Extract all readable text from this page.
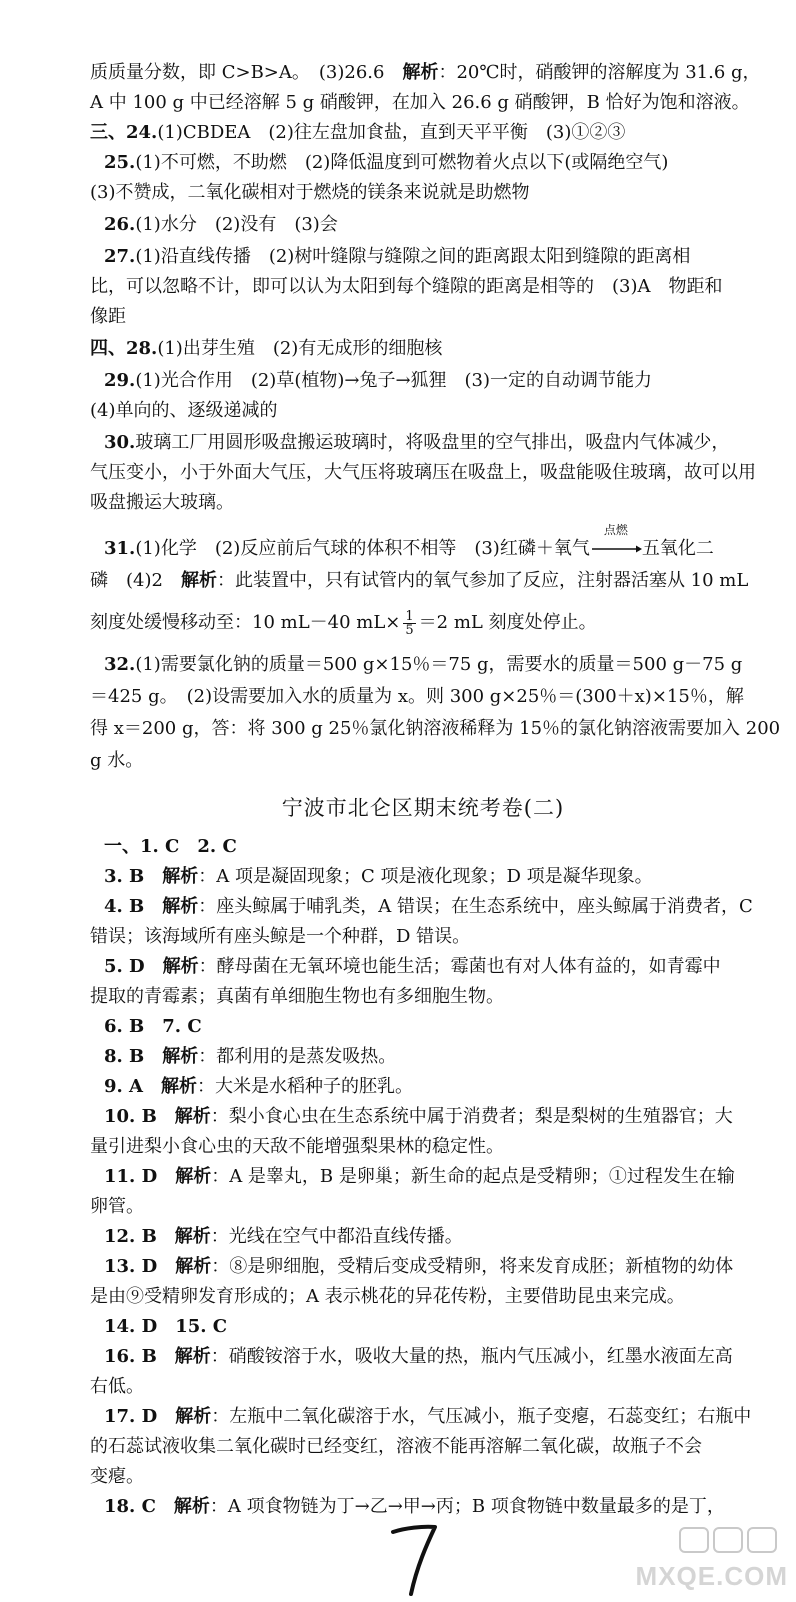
质质量分数，即 C>B>A。　(3)26.6　解析：20℃时，硝酸钾的溶解度为 31.6 g，

A 中 100 g 中已经溶解 5 g 硝酸钾，在加入 26.6 g 硝酸钾，B 恰好为饱和溶液。

三、24.(1)CBDEA　(2)往左盘加食盐，直到天平平衡　(3)①②③

25.(1)不可燃，不助燃　(2)降低温度到可燃物着火点以下(或隔绝空气)

(3)不赞成，二氧化碳相对于燃烧的镁条来说就是助燃物

26.(1)水分　(2)没有　(3)会

27.(1)沿直线传播　(2)树叶缝隙与缝隙之间的距离跟太阳到缝隙的距离相

比，可以忽略不计，即可以认为太阳到每个缝隙的距离是相等的　(3)A　物距和

像距

四、28.(1)出芽生殖　(2)有无成形的细胞核

29.(1)光合作用　(2)草(植物)→兔子→狐狸　(3)一定的自动调节能力

(4)单向的、逐级递减的

30.玻璃工厂用圆形吸盘搬运玻璃时，将吸盘里的空气排出，吸盘内气体减少，

气压变小，小于外面大气压，大气压将玻璃压在吸盘上，吸盘能吸住玻璃，故可以用

吸盘搬运大玻璃。

31.(1)化学　(2)反应前后气球的体积不相等　(3)红磷＋氧气
点燃
五氧化二

磷　(4)2　解析：此装置中，只有试管内的氧气参加了反应，注射器活塞从 10 mL

刻度处缓慢移动至：10 mL－40 $mL\times \frac{1}{5} =2$ mL 刻度处停止。

32.(1)需要氯化钠的质量＝500 g×15％＝75 g，需要水的质量＝500 g－75 g

＝425 g。　(2)设需要加入水的质量为 x。则 300 g×25％＝(300＋x)×15％，解

得 x＝200 g，答：将 300 g 25％氯化钠溶液稀释为 15％的氯化钠溶液需要加入 200

g 水。

宁波市北仑区期末统考卷(二)

一、1. C　2. C

3. B　 解析：A 项是凝固现象；C 项是液化现象；D 项是凝华现象。

4. B　 解析：座头鲸属于哺乳类，A 错误；在生态系统中，座头鲸属于消费者，C

错误；该海域所有座头鲸是一个种群，D 错误。

5. D　 解析：酵母菌在无氧环境也能生活；霉菌也有对人体有益的，如青霉中

提取的青霉素；真菌有单细胞生物也有多细胞生物。

6. B　7. C

8. B　 解析：都利用的是蒸发吸热。

9. A　 解析：大米是水稻种子的胚乳。

10. B　 解析：梨小食心虫在生态系统中属于消费者；梨是梨树的生殖器官；大

量引进梨小食心虫的天敌不能增强梨果林的稳定性。

11. D　 解析：A 是睾丸，B 是卵巢；新生命的起点是受精卵；①过程发生在输

卵管。

12. B　 解析：光线在空气中都沿直线传播。

13. D　 解析：⑧是卵细胞，受精后变成受精卵，将来发育成胚；新植物的幼体

是由⑨受精卵发育形成的；A 表示桃花的异花传粉，主要借助昆虫来完成。

14. D　15. C

16. B　 解析：硝酸铵溶于水，吸收大量的热，瓶内气压减小，红墨水液面左高

右低。

17. D　 解析：左瓶中二氧化碳溶于水，气压减小，瓶子变瘪，石蕊变红；右瓶中

的石蕊试液收集二氧化碳时已经变红，溶液不能再溶解二氧化碳，故瓶子不会

变瘪。

18. C　 解析：A 项食物链为丁→乙→甲→丙；B 项食物链中数量最多的是丁，

MXQE.COM
